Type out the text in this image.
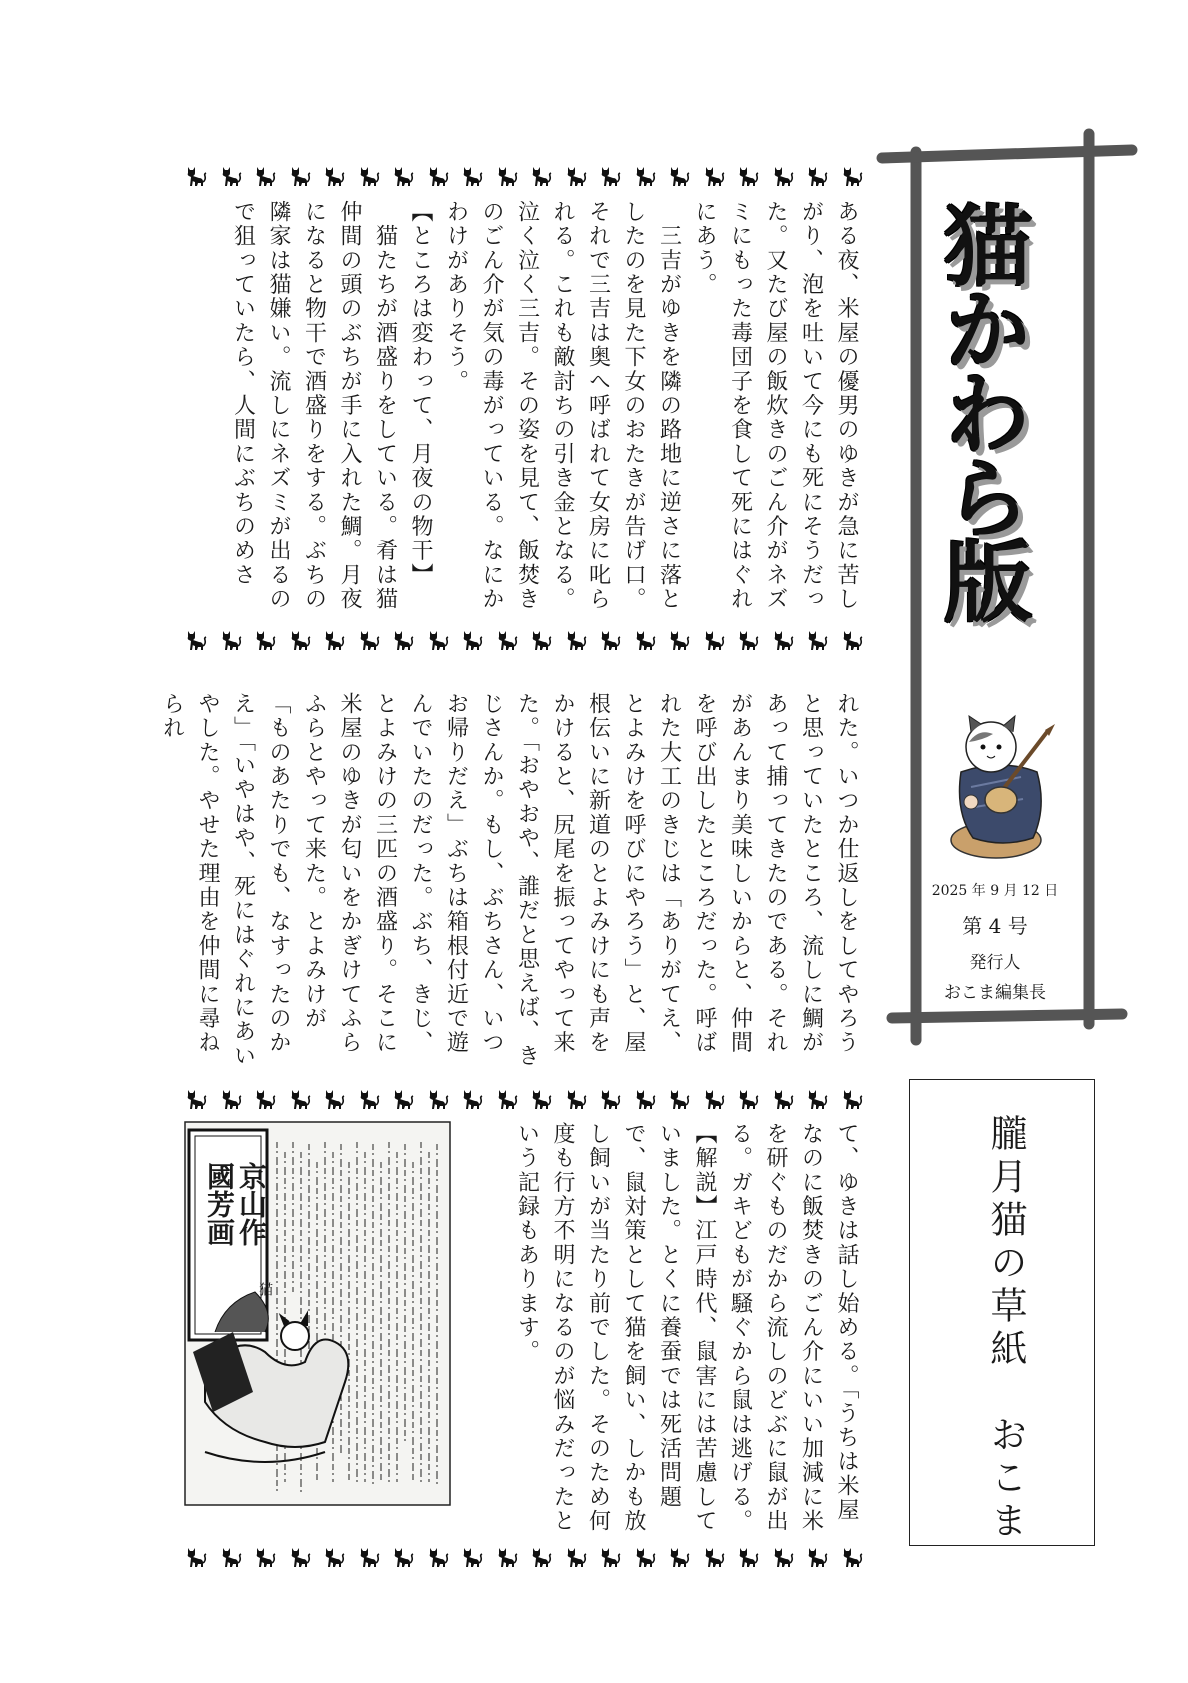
ある夜、米屋の優男のゆきが急に苦しがり、泡を吐いて今にも死にそうだった。又たび屋の飯炊きのごん介がネズミにもった毒団子を食して死にはぐれにあう。
　三吉がゆきを隣の路地に逆さに落としたのを見た下女のおたきが告げ口。それで三吉は奥へ呼ばれて女房に叱られる。これも敵討ちの引き金となる。泣く泣く三吉。その姿を見て、飯焚きのごん介が気の毒がっている。なにかわけがありそう。
【ところは変わって、月夜の物干】
　猫たちが酒盛りをしている。肴は猫仲間の頭のぶちが手に入れた鯛。月夜になると物干で酒盛りをする。ぶちの隣家は猫嫌い。流しにネズミが出るので狙っていたら、人間にぶちのめさ
れた。いつか仕返しをしてやろうと思っていたところ、流しに鯛があって捕ってきたのである。それがあんまり美味しいからと、仲間を呼び出したところだった。呼ばれた大工のきじは「ありがてえ、とよみけを呼びにやろう」と、屋根伝いに新道のとよみけにも声をかけると、尻尾を振ってやって来た。「おやおや、誰だと思えば、きじさんか。もし、ぶちさん、いつお帰りだえ」ぶちは箱根付近で遊んでいたのだった。ぶち、きじ、とよみけの三匹の酒盛り。そこに米屋のゆきが匂いをかぎけてふらふらとやって来た。とよみけが「ものあたりでも、なすったのかえ」「いやはや、死にはぐれにあいやした。やせた理由を仲間に尋ねられ
て、ゆきは話し始める。「うちは米屋なのに飯焚きのごん介にいい加減に米を研ぐものだから流しのどぶに鼠が出る。ガキどもが騒ぐから鼠は逃げる。
【解説】江戸時代、鼠害には苦慮していました。とくに養蚕では死活問題で、鼠対策として猫を飼い、しかも放し飼いが当たり前でした。そのため何度も行方不明になるのが悩みだったという記録もあります。
京山作
國芳画
猫
猫かわら版
2025 年 9 月 12 日
第 4 号
発行人
おこま編集長
朧月猫の草紙　おこま
